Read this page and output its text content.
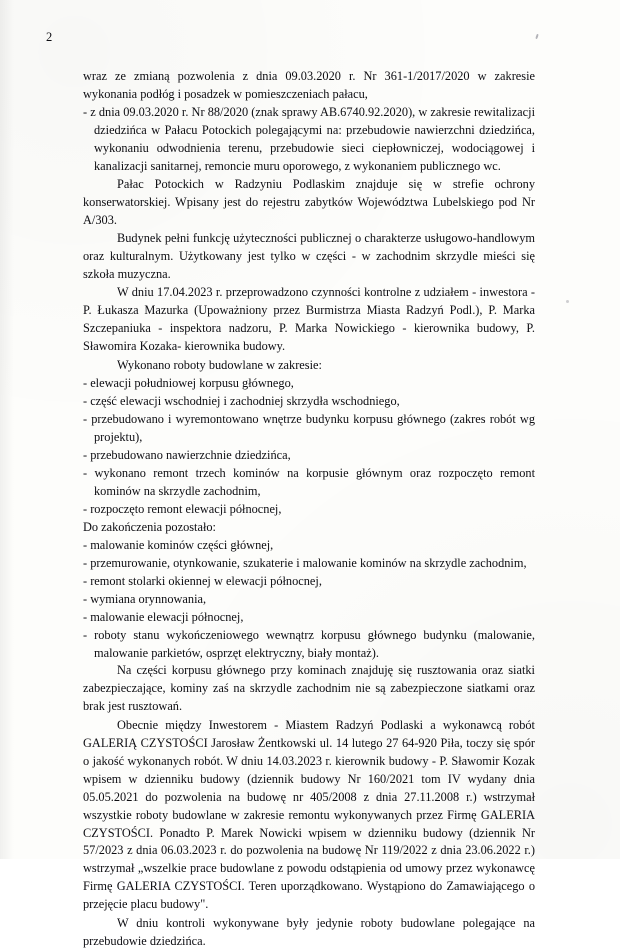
2

wraz ze zmianą pozwolenia z dnia 09.03.2020 r. Nr 361-1/2017/2020 w zakresie wykonania podłóg i posadzek w pomieszczeniach pałacu,

- z dnia 09.03.2020 r. Nr 88/2020 (znak sprawy AB.6740.92.2020), w zakresie rewitalizacji dziedzińca w Pałacu Potockich polegającymi na: przebudowie nawierzchni dziedzińca, wykonaniu odwodnienia terenu, przebudowie sieci ciepłowniczej, wodociągowej i kanalizacji sanitarnej, remoncie muru oporowego, z wykonaniem publicznego wc.

Pałac Potockich w Radzyniu Podlaskim znajduje się w strefie ochrony konserwatorskiej. Wpisany jest do rejestru zabytków Województwa Lubelskiego pod Nr A/303.

Budynek pełni funkcję użyteczności publicznej o charakterze usługowo-handlowym oraz kulturalnym. Użytkowany jest tylko w części - w zachodnim skrzydle mieści się szkoła muzyczna.

W dniu 17.04.2023 r. przeprowadzono czynności kontrolne z udziałem - inwestora - P. Łukasza Mazurka (Upoważniony przez Burmistrza Miasta Radzyń Podl.), P. Marka Szczepaniuka - inspektora nadzoru, P. Marka Nowickiego - kierownika budowy, P. Sławomira Kozaka- kierownika budowy.

Wykonano roboty budowlane w zakresie:

- elewacji południowej korpusu głównego,

- część elewacji wschodniej i zachodniej skrzydła wschodniego,

- przebudowano i wyremontowano wnętrze budynku korpusu głównego (zakres robót wg projektu),

- przebudowano nawierzchnie dziedzińca,

- wykonano remont trzech kominów na korpusie głównym oraz rozpoczęto remont kominów na skrzydle zachodnim,

- rozpoczęto remont elewacji północnej,

Do zakończenia pozostało:

- malowanie kominów części głównej,

- przemurowanie, otynkowanie, szukaterie i malowanie kominów na skrzydle zachodnim,

- remont stolarki okiennej w elewacji północnej,

- wymiana orynnowania,

- malowanie elewacji północnej,

- roboty stanu wykończeniowego wewnątrz korpusu głównego budynku (malowanie, malowanie parkietów, osprzęt elektryczny, biały montaż).

Na części korpusu głównego przy kominach znajduję się rusztowania oraz siatki zabezpieczające, kominy zaś na skrzydle zachodnim nie są zabezpieczone siatkami oraz brak jest rusztowań.

Obecnie między Inwestorem - Miastem Radzyń Podlaski a wykonawcą robót GALERIĄ CZYSTOŚCI Jarosław Żentkowski ul. 14 lutego 27 64-920 Piła, toczy się spór o jakość wykonanych robót. W dniu 14.03.2023 r. kierownik budowy - P. Sławomir Kozak wpisem w dzienniku budowy (dziennik budowy Nr 160/2021 tom IV wydany dnia 05.05.2021 do pozwolenia na budowę nr 405/2008 z dnia 27.11.2008 r.) wstrzymał wszystkie roboty budowlane w zakresie remontu wykonywanych przez Firmę GALERIA CZYSTOŚCI. Ponadto P. Marek Nowicki wpisem w dzienniku budowy (dziennik Nr 57/2023 z dnia 06.03.2023 r. do pozwolenia na budowę Nr 119/2022 z dnia 23.06.2022 r.) wstrzymał „wszelkie prace budowlane z powodu odstąpienia od umowy przez wykonawcę Firmę GALERIA CZYSTOŚCI. Teren uporządkowano. Wystąpiono do Zamawiającego o przejęcie placu budowy".

W dniu kontroli wykonywane były jedynie roboty budowlane polegające na przebudowie dziedzińca.
